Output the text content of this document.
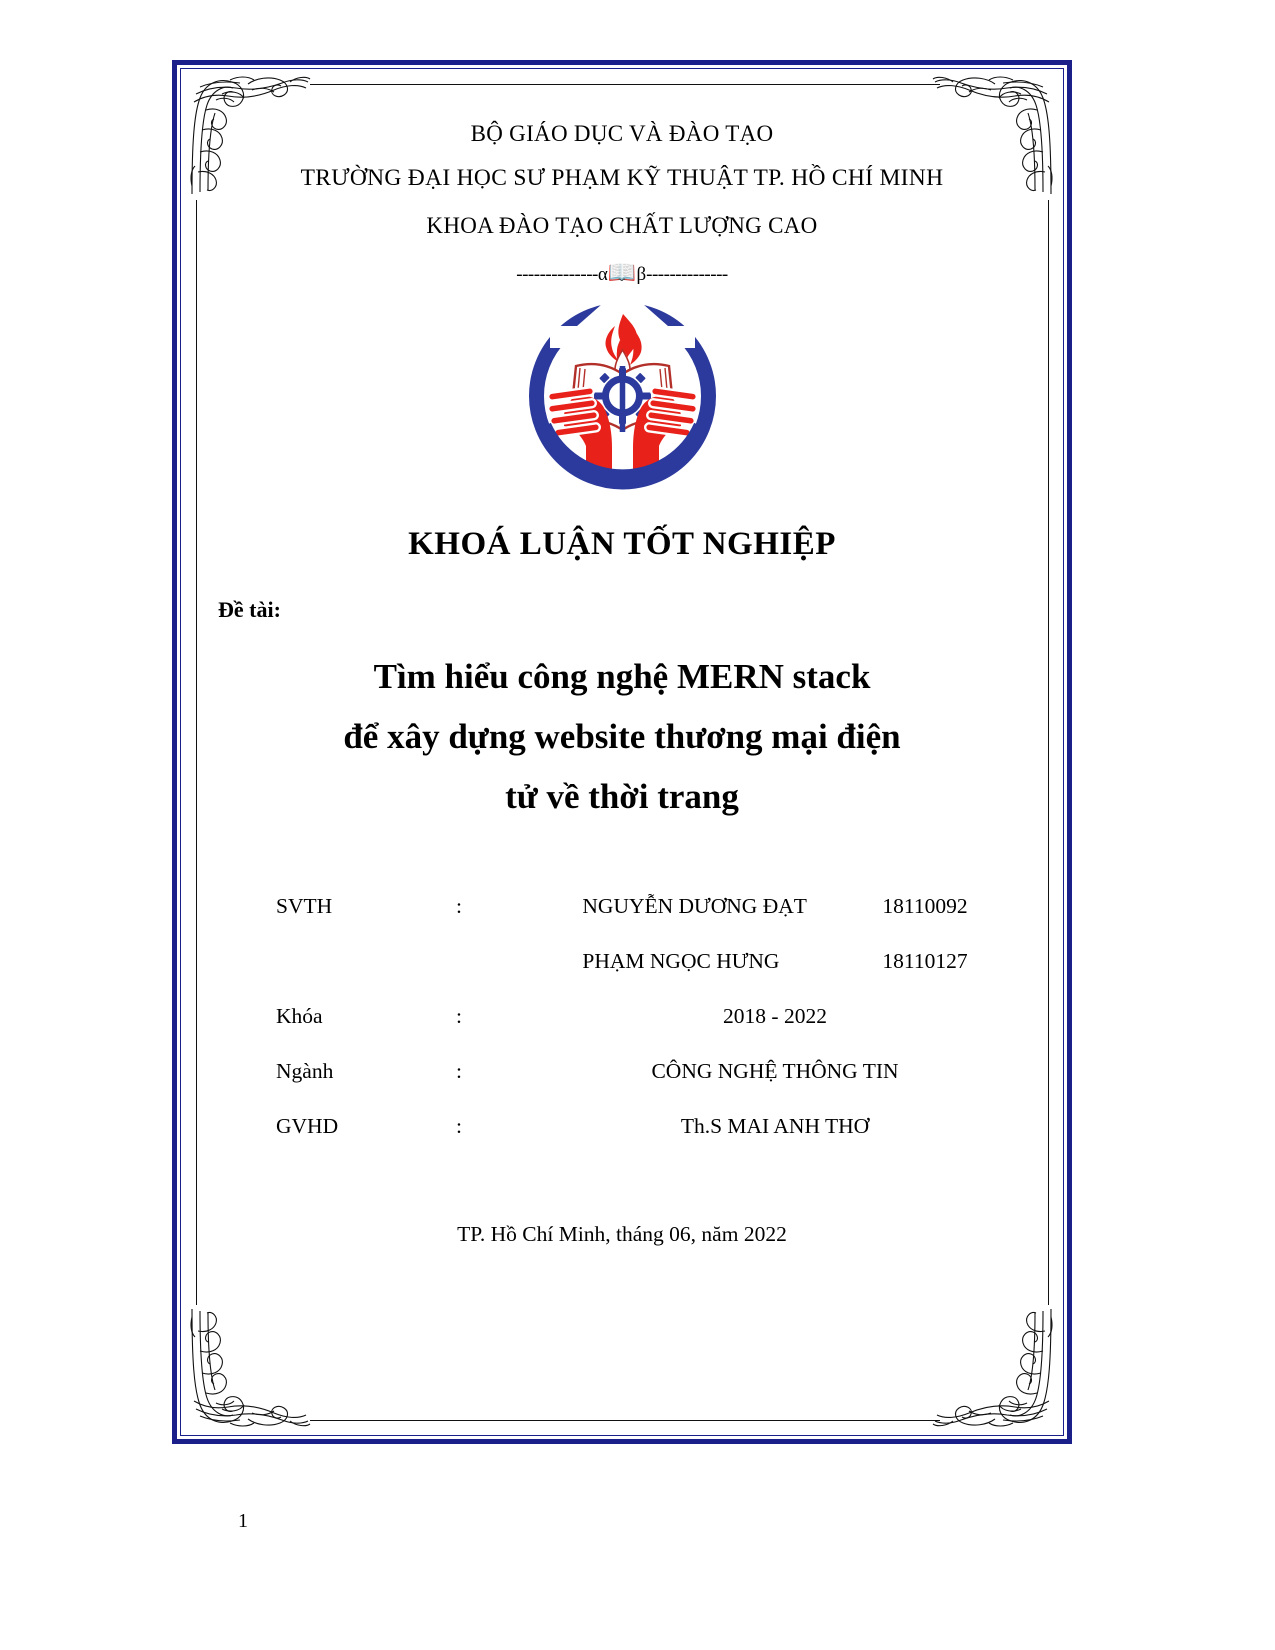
BỘ GIÁO DỤC VÀ ĐÀO TẠO
TRƯỜNG ĐẠI HỌC SƯ PHẠM KỸ THUẬT TP. HỒ CHÍ MINH
KHOA ĐÀO TẠO CHẤT LƯỢNG CAO
--------------α📖β--------------
KHOÁ LUẬN TỐT NGHIỆP
Đề tài:
Tìm hiểu công nghệ MERN stack
để xây dựng website thương mại điện
tử về thời trang
SVTH	:	NGUYỄN DƯƠNG ĐẠT 18110092
		PHẠM NGỌC HƯNG 18110127
Khóa	:	2018 - 2022
Ngành	:	CÔNG NGHỆ THÔNG TIN
GVHD	:	Th.S MAI ANH THƠ
TP. Hồ Chí Minh, tháng 06, năm 2022
1
